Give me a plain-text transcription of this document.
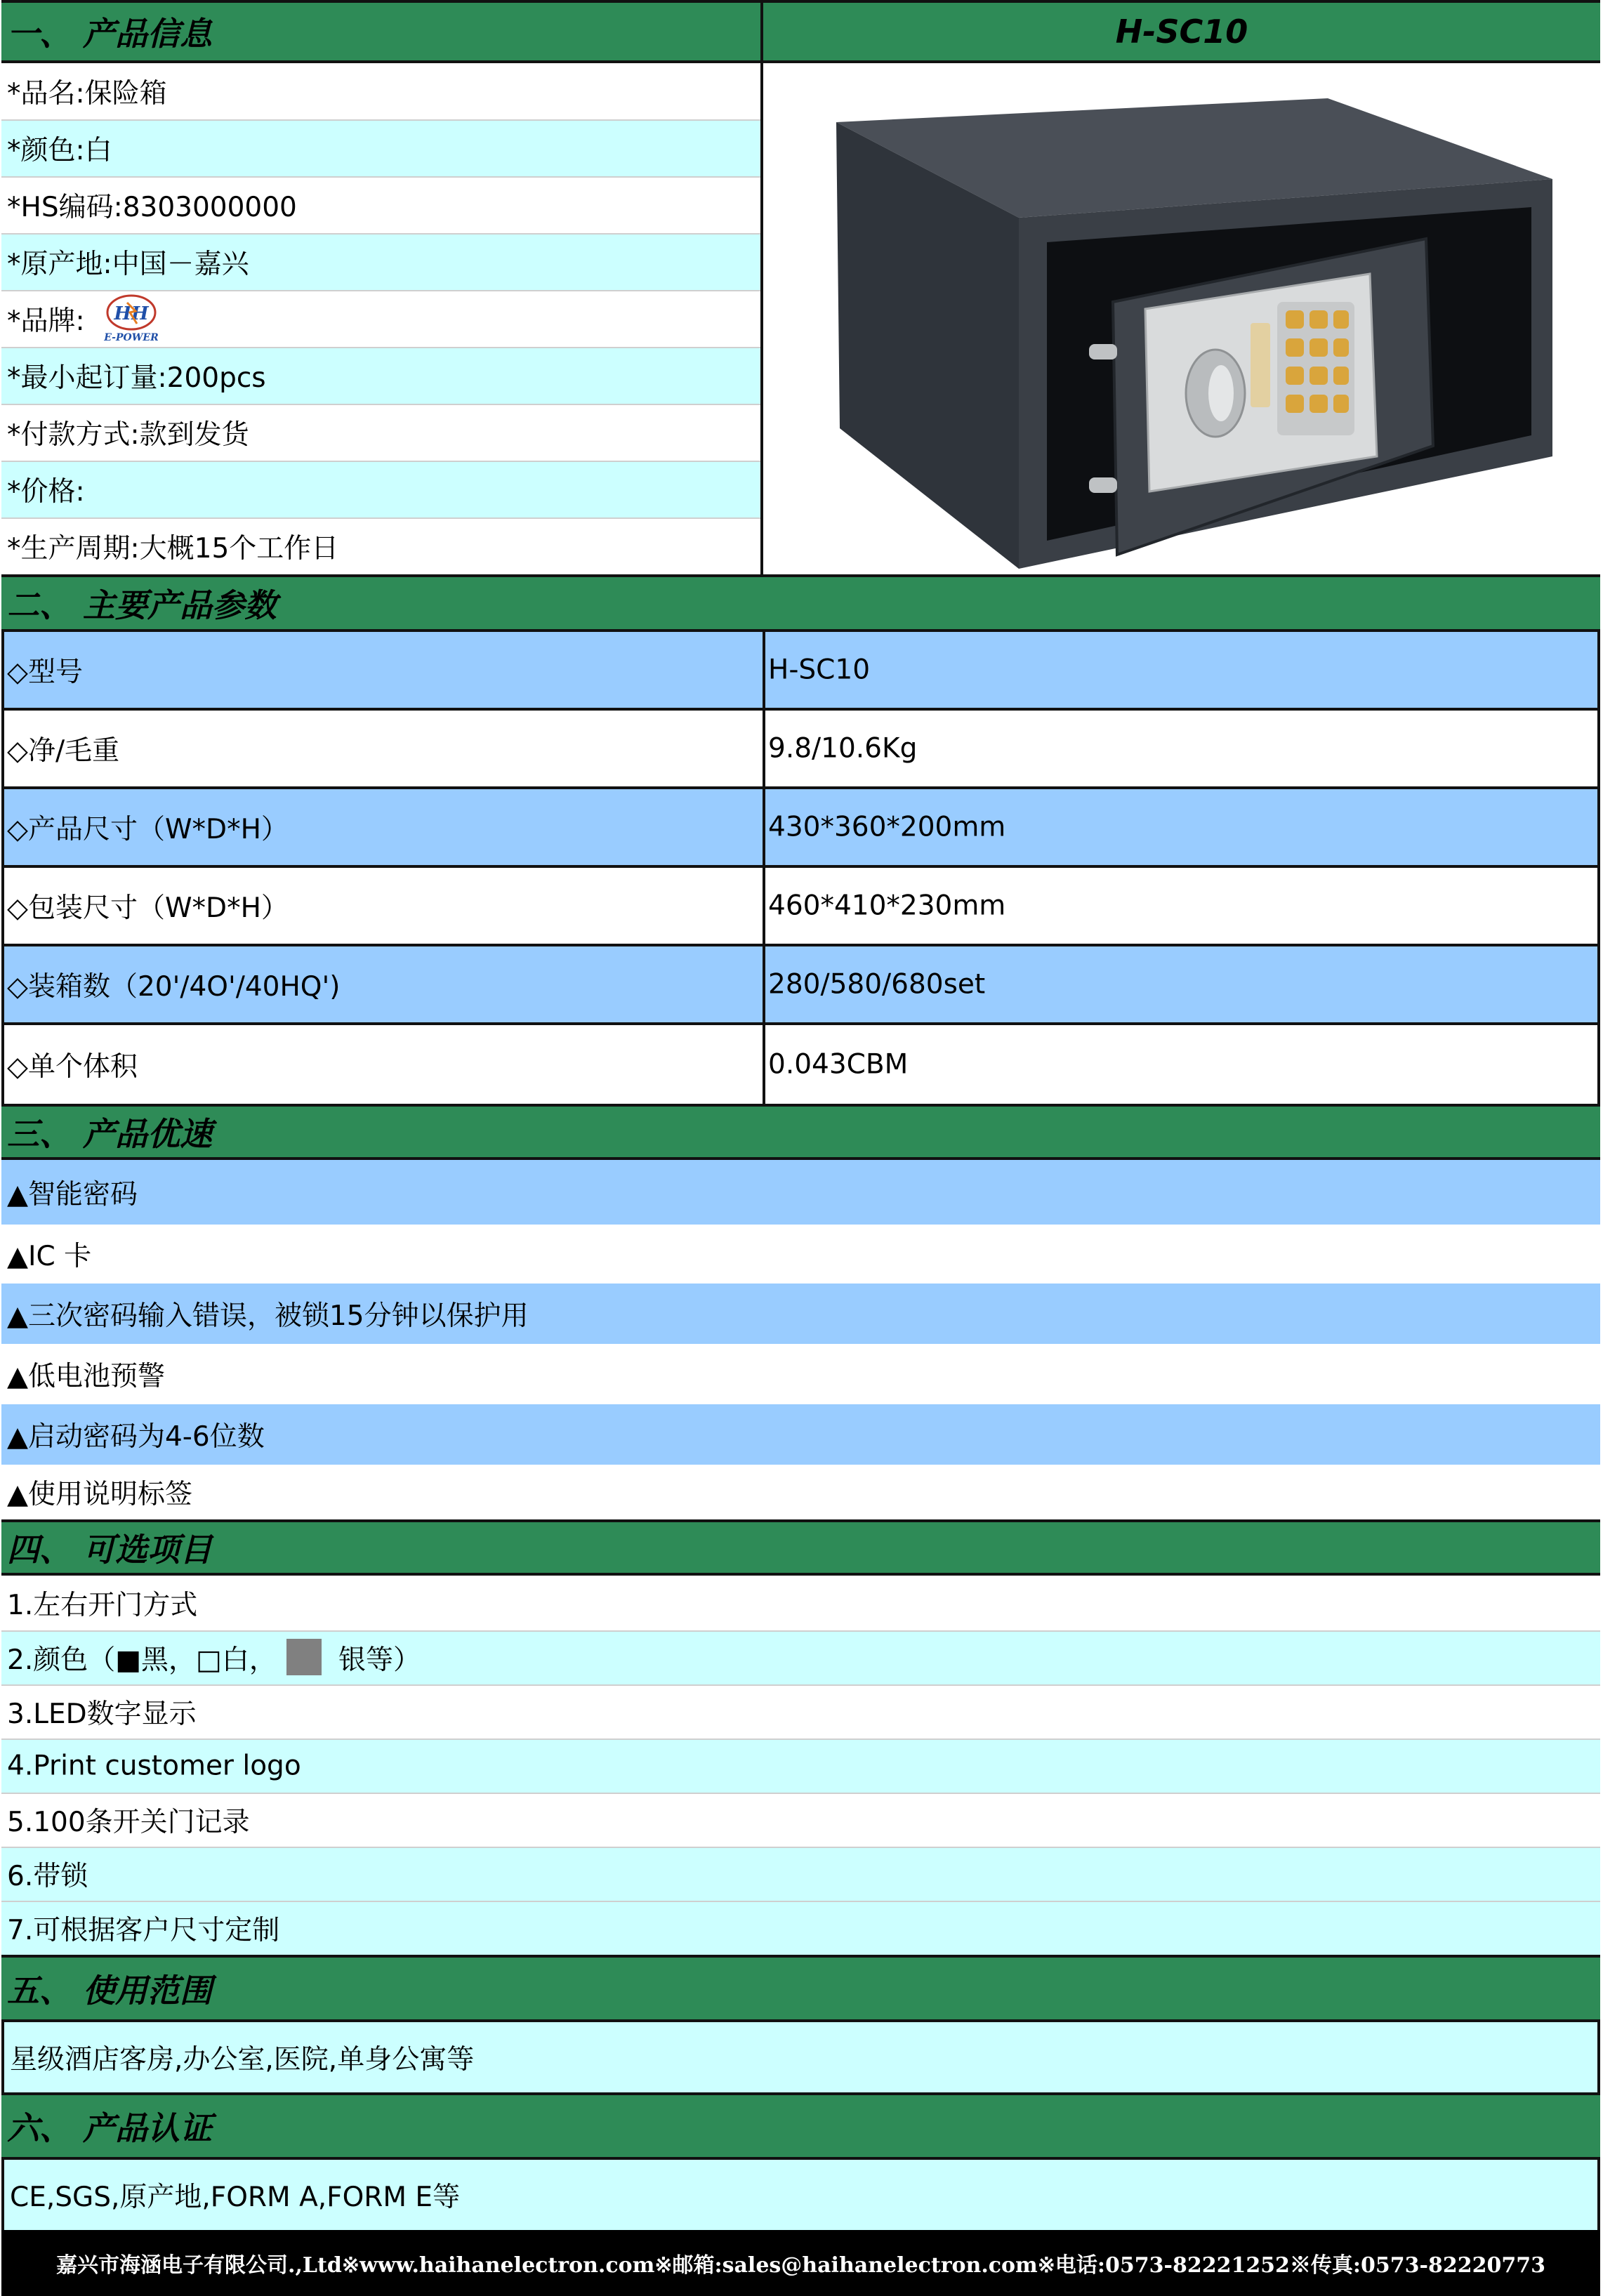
一、 产品信息	H-SC10
*品名:保险箱
*颜色:白
*HS编码:8303000000
*原产地:中国－嘉兴
*品牌: HH
E-POWER
*最小起订量:200pcs
*付款方式:款到发货
*价格:
*生产周期:大概15个工作日
二、 主要产品参数
◇型号	H-SC10
◇净/毛重	9.8/10.6Kg
◇产品尺寸（W*D*H）	430*360*200mm
◇包装尺寸（W*D*H）	460*410*230mm
◇装箱数（20'/4O'/40HQ')	280/580/680set
◇单个体积	0.043CBM
三、 产品优速
▲智能密码
▲IC 卡
▲三次密码输入错误，被锁15分钟以保护用
▲低电池预警
▲启动密码为4-6位数
▲使用说明标签
四、 可选项目
1.左右开门方式
2.颜色（■黑，□白， 银等）
3.LED数字显示
4.Print customer logo
5.100条开关门记录
6.带锁
7.可根据客户尺寸定制
五、 使用范围
星级酒店客房,办公室,医院,单身公寓等
六、 产品认证
CE,SGS,原产地,FORM A,FORM E等
嘉兴市海涵电子有限公司.,Ltd※www.haihanelectron.com※邮箱:sales@haihanelectron.com※电话:0573-82221252※传真:0573-82220773
